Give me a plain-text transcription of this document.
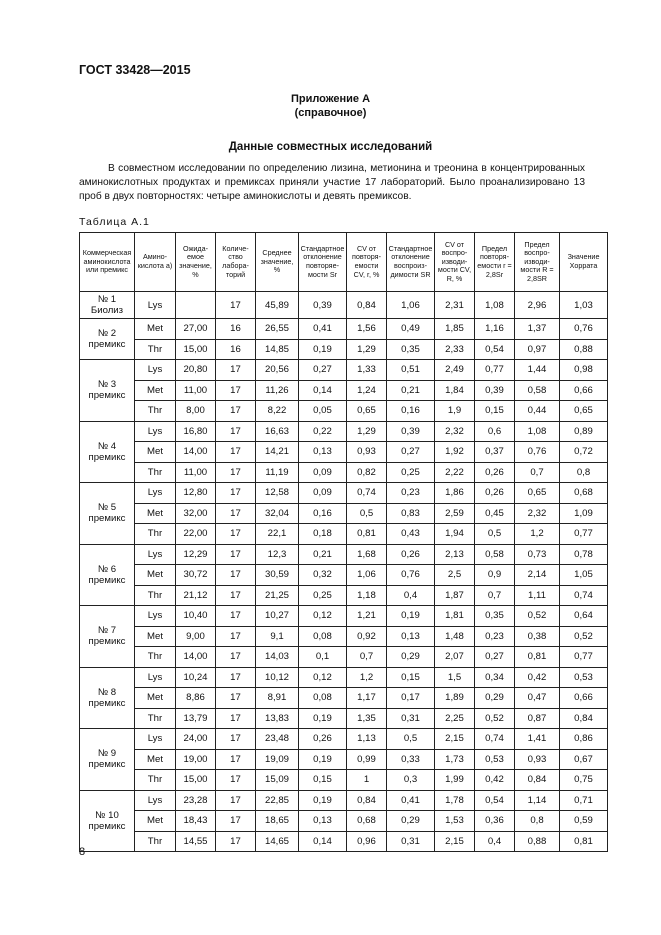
ГОСТ 33428—2015
Приложение А
(справочное)
Данные совместных исследований

В совместном исследовании по определению лизина, метионина и треонина в концентрированных аминокислотных продуктах и премиксах приняли участие 17 лабораторий. Было проанализировано 13 проб в двух повторностях: четыре аминокислоты и девять премиксов.

Таблица А.1
Коммерческая аминокислота или премикс	Аминокислота а)	Ожидаемое значение, %	Количество лабораторий	Среднее значение, %	Стандартное отклонение повторяемости Sr	CV от повторяемости CV, r, %	Стандартное отклонение воспроиздимости SR	CV от воспроизводимости CV, R, %	Предел повторяемости r = 2,8Sr	Предел воспроизводимости R = 2,8SR	Значение Хоррата
№ 1 Биолиз	Lys		17	45,89	0,39	0,84	1,06	2,31	1,08	2,96	1,03
№ 2 премикс	Met	27,00	16	26,55	0,41	1,56	0,49	1,85	1,16	1,37	0,76
	Thr	15,00	16	14,85	0,19	1,29	0,35	2,33	0,54	0,97	0,88
№ 3 премикс	Lys	20,80	17	20,56	0,27	1,33	0,51	2,49	0,77	1,44	0,98
	Met	11,00	17	11,26	0,14	1,24	0,21	1,84	0,39	0,58	0,66
	Thr	8,00	17	8,22	0,05	0,65	0,16	1,9	0,15	0,44	0,65
№ 4 премикс	Lys	16,80	17	16,63	0,22	1,29	0,39	2,32	0,6	1,08	0,89
	Met	14,00	17	14,21	0,13	0,93	0,27	1,92	0,37	0,76	0,72
	Thr	11,00	17	11,19	0,09	0,82	0,25	2,22	0,26	0,7	0,8
№ 5 премикс	Lys	12,80	17	12,58	0,09	0,74	0,23	1,86	0,26	0,65	0,68
	Met	32,00	17	32,04	0,16	0,5	0,83	2,59	0,45	2,32	1,09
	Thr	22,00	17	22,1	0,18	0,81	0,43	1,94	0,5	1,2	0,77
№ 6 премикс	Lys	12,29	17	12,3	0,21	1,68	0,26	2,13	0,58	0,73	0,78
	Met	30,72	17	30,59	0,32	1,06	0,76	2,5	0,9	2,14	1,05
	Thr	21,12	17	21,25	0,25	1,18	0,4	1,87	0,7	1,11	0,74
№ 7 премикс	Lys	10,40	17	10,27	0,12	1,21	0,19	1,81	0,35	0,52	0,64
	Met	9,00	17	9,1	0,08	0,92	0,13	1,48	0,23	0,38	0,52
	Thr	14,00	17	14,03	0,1	0,7	0,29	2,07	0,27	0,81	0,77
№ 8 премикс	Lys	10,24	17	10,12	0,12	1,2	0,15	1,5	0,34	0,42	0,53
	Met	8,86	17	8,91	0,08	1,17	0,17	1,89	0,29	0,47	0,66
	Thr	13,79	17	13,83	0,19	1,35	0,31	2,25	0,52	0,87	0,84
№ 9 премикс	Lys	24,00	17	23,48	0,26	1,13	0,5	2,15	0,74	1,41	0,86
	Met	19,00	17	19,09	0,19	0,99	0,33	1,73	0,53	0,93	0,67
	Thr	15,00	17	15,09	0,15	1	0,3	1,99	0,42	0,84	0,75
№ 10 премикс	Lys	23,28	17	22,85	0,19	0,84	0,41	1,78	0,54	1,14	0,71
	Met	18,43	17	18,65	0,13	0,68	0,29	1,53	0,36	0,8	0,59
	Thr	14,55	17	14,65	0,14	0,96	0,31	2,15	0,4	0,88	0,81
8
